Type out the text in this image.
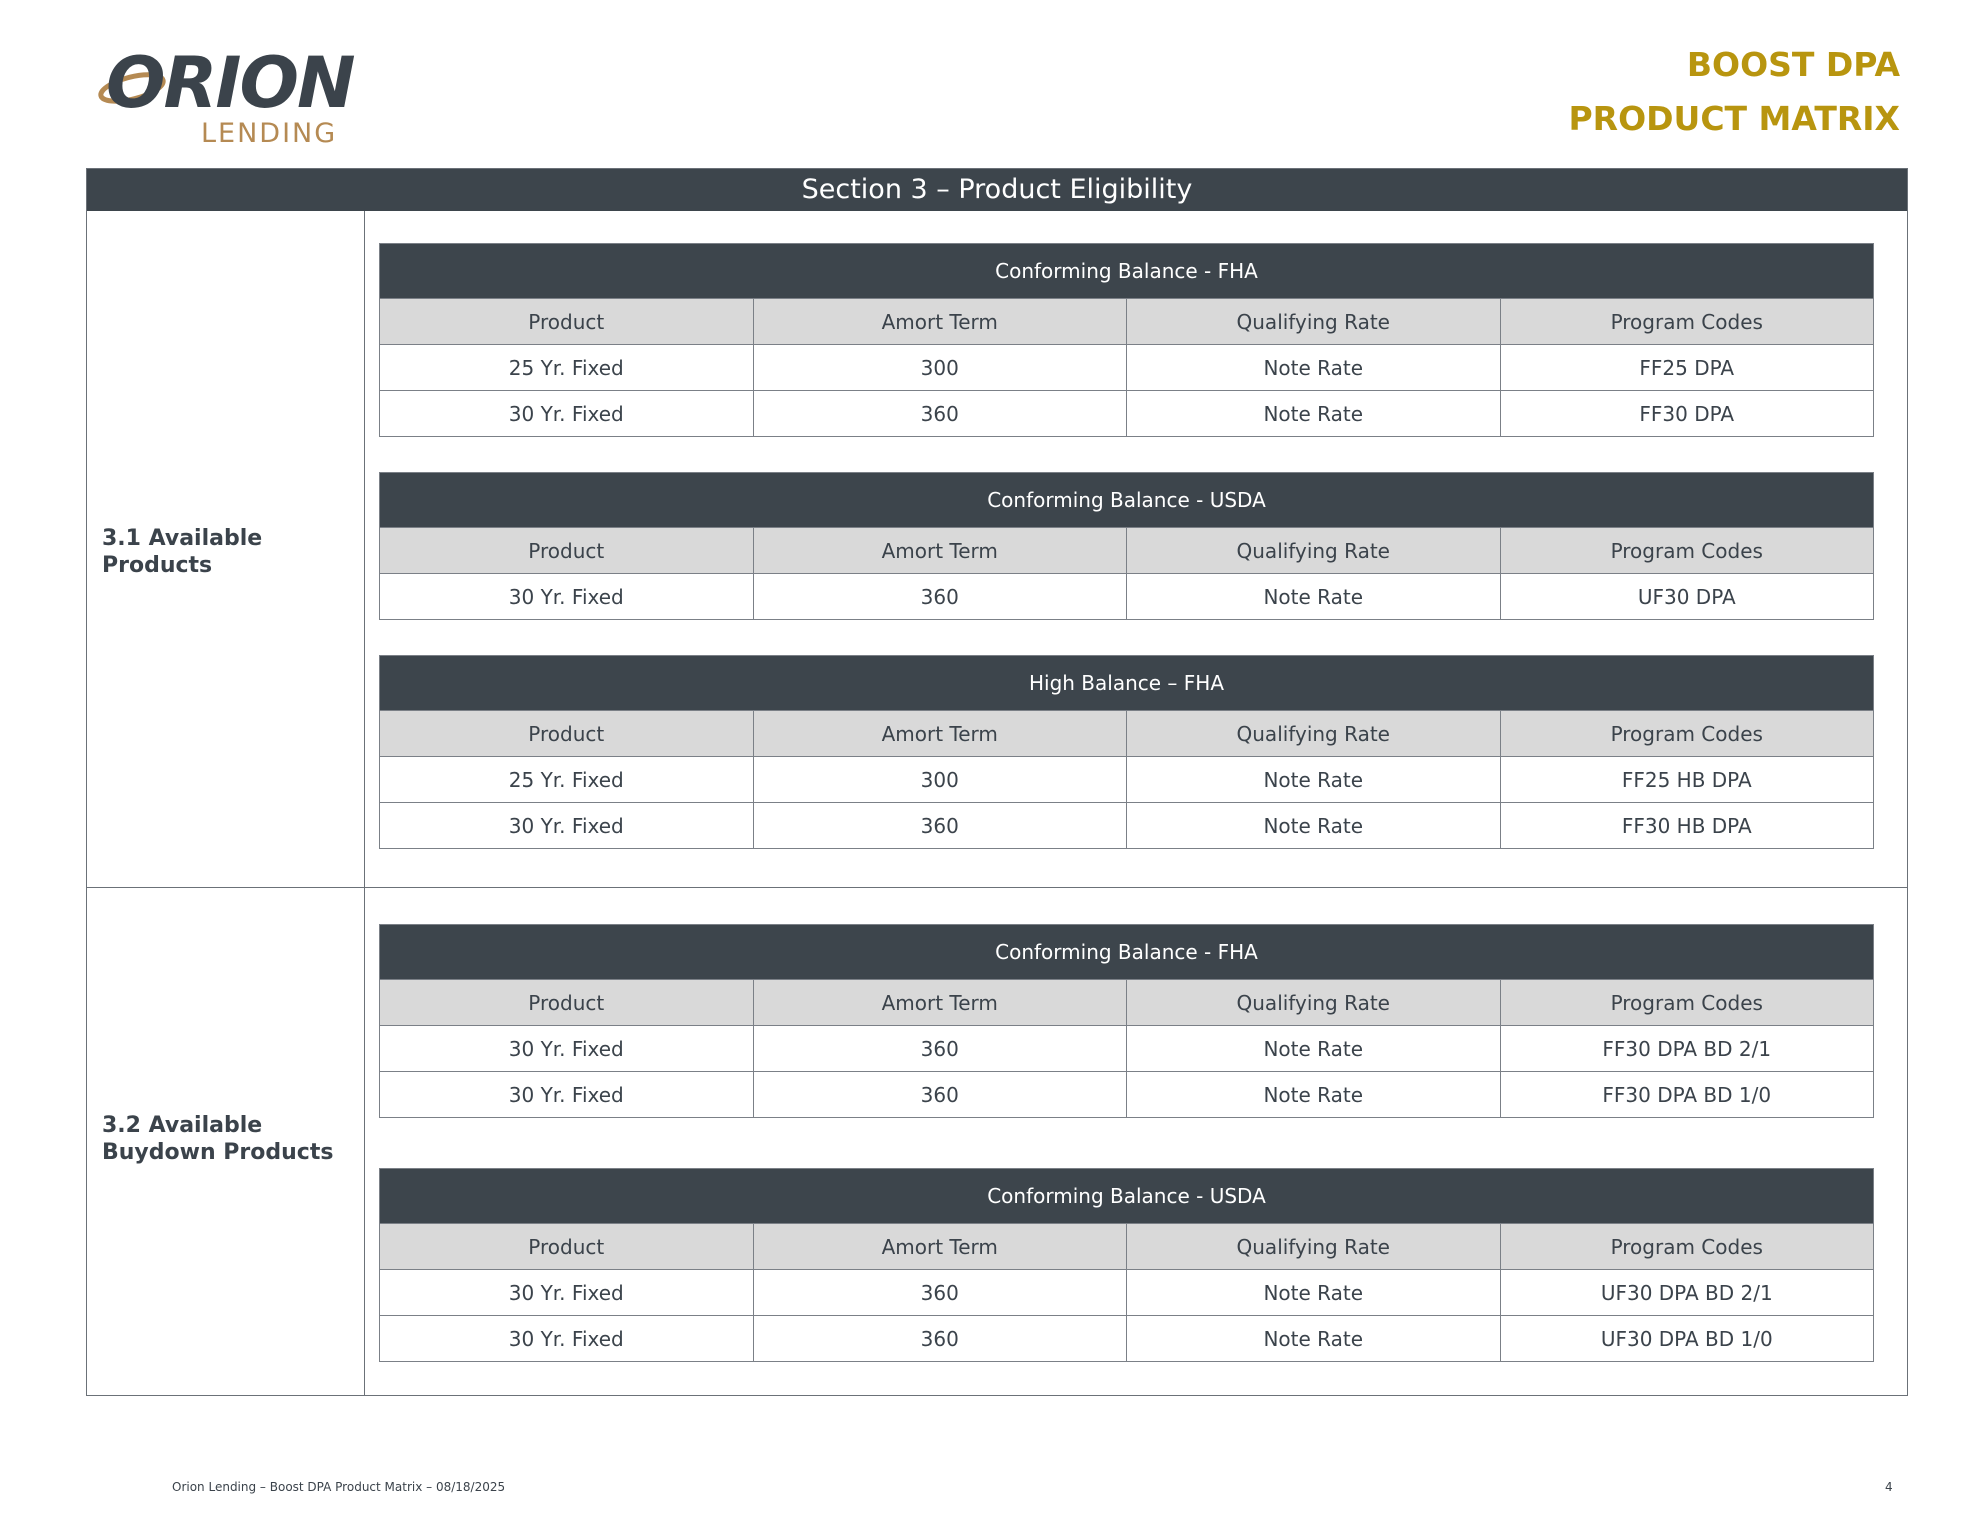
ORION
LENDING
BOOST DPA
PRODUCT MATRIX
Section 3 – Product Eligibility
3.1 Available
Products
Conforming Balance - FHA			
Product	Amort Term	Qualifying Rate	Program Codes
25 Yr. Fixed	300	Note Rate	FF25 DPA
30 Yr. Fixed	360	Note Rate	FF30 DPA
Conforming Balance - USDA			
Product	Amort Term	Qualifying Rate	Program Codes
30 Yr. Fixed	360	Note Rate	UF30 DPA
High Balance – FHA			
Product	Amort Term	Qualifying Rate	Program Codes
25 Yr. Fixed	300	Note Rate	FF25 HB DPA
30 Yr. Fixed	360	Note Rate	FF30 HB DPA
3.2 Available
Buydown Products
Conforming Balance - FHA			
Product	Amort Term	Qualifying Rate	Program Codes
30 Yr. Fixed	360	Note Rate	FF30 DPA BD 2/1
30 Yr. Fixed	360	Note Rate	FF30 DPA BD 1/0
Conforming Balance - USDA			
Product	Amort Term	Qualifying Rate	Program Codes
30 Yr. Fixed	360	Note Rate	UF30 DPA BD 2/1
30 Yr. Fixed	360	Note Rate	UF30 DPA BD 1/0
Orion Lending – Boost DPA Product Matrix – 08/18/2025	4
